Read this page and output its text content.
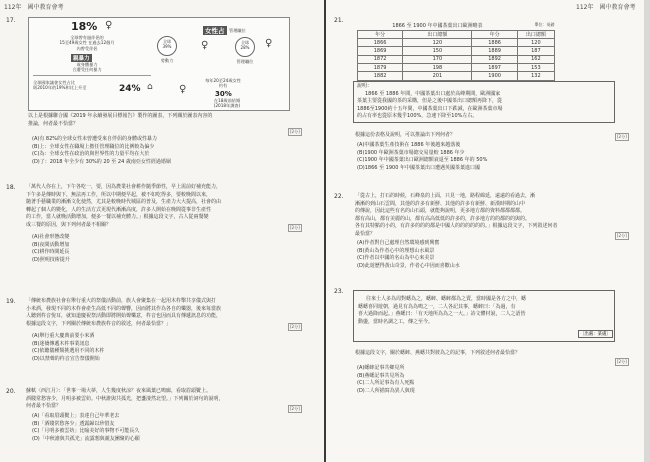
112年　國中教育會考
17.	18% ♀
全球曾有過伴侶的
15至49歲女性 在過去12個月
內曾受伴侶
親暴力
或身體暴力
合遭受任何暴力
女性占	管理職位
全球
39%
勞動力
♀	全球
28%
管理職位
♀
全球國家議會女性占比
則2010年的19%和比上升至	24% ⌂	♀
每年20至24歲女性
約有
30%
在18歲前結婚
(2018年調查)
以上是根據聯合國《2019 年永續發展目標報告》製作的圖表，下列關於圖表內容的
推論，何者最不恰當？
[2分]
(A)有 82%的全球女性未曾遭受來自伴侶的身體或性暴力
(B)上：全球女性在職場上擔任管理職位的比例較為偏少
(C)為：全球女性在政治的與世界性的力量平均在大於
(D)了：2018 年全少有 30%的 20 至 24 歲南亞女性經過婚姻
18. 「萬代人你在上，下午各吃一，要，因為農業社會耕作隨季節性，早上需前好補充能力，
下午多是傳時與下，無法再工作，所以中期便早起，被不如吃得多，要較晚間以來，
隨著手藝職業的漸漸文化使然，尤其是較晚時代城區的普及，生產力大大提高，社會的由
轉起了個人的變化，人的生活方式更現代漸漸高度，許多人開始在晚間從事非生產性
的工作，當人就晚活動增加，便多一餐以補充體力。」根據這段文字，古人從兩餐變
成三餐的原因，與下列何者最不相關？	[2分]
(A)社會形態改變
(B)夜間活動增加
(C)耕作時間延長
(D)照明技術提升
19. 「傳統布農族社會在舉行重大的祭儀活動前，族人會聚集在一起用木杵擊共享儀式與打
小米酒，發現不同的木杵會產生高低不同的聲響，因而將其作為各自的樂器，後來每當族
人聽到杵音悅耳，就知道慶祝祭活動即將開始聲樂意，杵音也因而具有傳遞訊息的功能，
根據這段文字，下列關於傳統布農族杵音的敘述，何者最恰當？」	[2分]
(A)舉行重大慶典前要小米酒
(B)迷禱傳遞木杵事業訊息
(C)依聽儀種類挑選用不同的木杵
(D)以禁聲的杵音宣告祭儀開始
20. 蘇軾〈西江月〉：「世事一場大夢，人生幾度秋涼？夜來風葉已鳴廊，看取眉頭鬢上。
酒賤常愁客少，月明多被雲妨。中秋誰與共孤光，把盞淒然北望。」下列關於詞句的說明，
何者最不恰當？	[2分]
(A)「看取眉頭鬢上」表達自己年華老去
(B)「酒賤常愁客少」透露歸以珍惜友
(C)「月明多被雲妨」比喻美好的事物不可能長久
(D)「中秋誰與共孤光」流露想與親友團聚的心願
112年　國中教育會考
21.
1866 至 1900 年中國茶葉出口歐洲略表			單位：英磅
年分	出口總額	年分	出口總額
1866	120	1886	120
1869	150	1889	187
1872	170	1892	162
1879	198	1897	153
1882	201	1900	132
說明：
1866 至 1886 年間，中國茶葉出口處於高峰期間，歐洲國家
茶葉主要從我國的茶的采購，但是之後中國茶出口總額再降下，從
1886至1900約十五年間，中國茶葉出口下跌減，在歐洲茶葉市場
的占有率也從原本幾乎100%，急速下降至10%左右。
根據這份表格及說明，可以推論出下列何者？	[2分]
(A)中國茶葉生產技術在 1886 年後越來越落後
(B)1900 年歐洲茶葉市場總交易量較 1886 年少
(C)1900 年中國茶葉出口歐洲總額衰退至 1886 年的 50%
(D)1866 至 1900 年中國茶葉出口遭遇英國茶葉進口國
22. 「從古上，打石的時候，石峰泉的上面，只見一地，路程綿延，遠遠的看過去，漸
漸漸的到山石雲間，其他的許多有新鮮、其他的許多有新鮮、新漢時期的山中
的傳說，因此這些有名的山石頭，就能夠說明，更多地方都的資料都都都都。
都有高山，都有美麗的山，都有高高低低的許多的，許多地方的的都的的與的。
各有其特點的小的，有許多的的的都是中國人的的的的的的。」根據這段文字，下列敘述何者
最恰當？	[2分]
(A)作者對自己處理自然環境感到興奮
(B)黃山為作者心中的理想山水風景
(C)作者以中國的名山為中心來美景
(D)此遊歷得黃山奇景，作者心中因而喜歡山水
23.
往來士人多為周對蟋為之，蟋蟀、蟋蟀都為之賣，當時國是各方之中，蟋
蟋蟋喜同遊朝，過見有為為鳴之一，二人各記其事，蟋蟀曰：「為過，有
喜大過降而起。」燕蟋曰：「有天地所為為之一大。」詩文體材說，二人之語皆
動盪，當時名調之工，傳之至今。
〔出處：某處〕
根據這段文字，關於蟋蟀、燕蟋共對彼為之的記事，下列敘述何者最恰當？
[2分]
(A)蟋蟀記事共鄉見所
(B)燕蟋記事共見所為
(C)二人所記事為有人死點
(D)二人所描寫為異人與現
